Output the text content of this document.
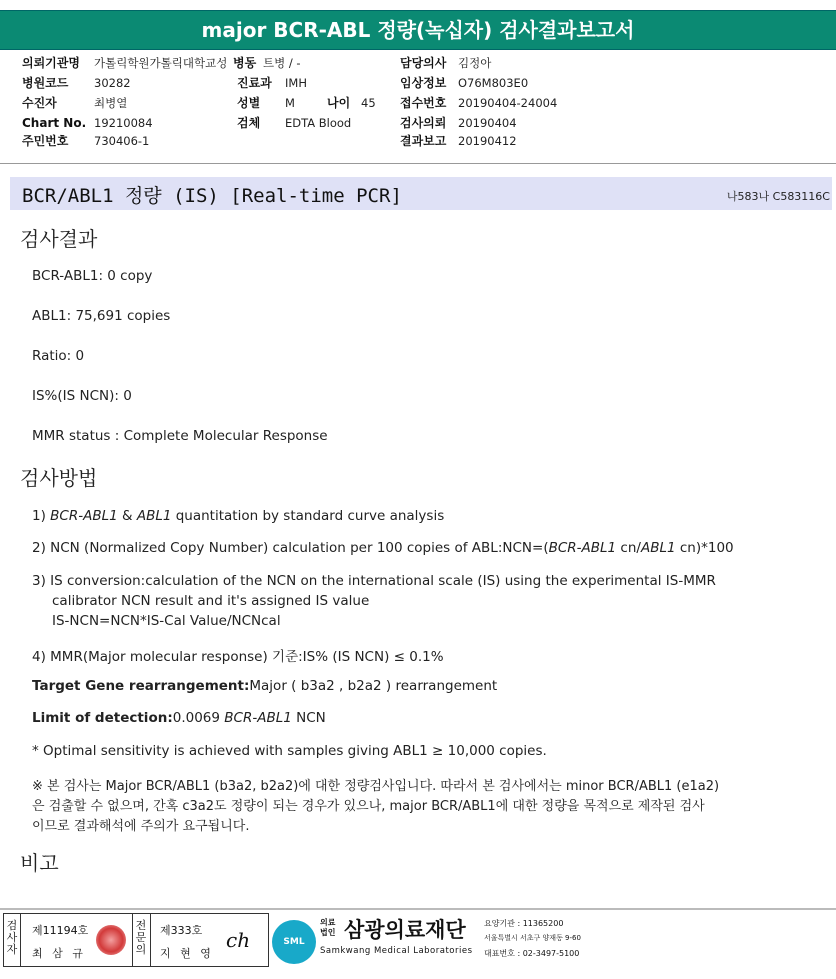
major BCR-ABL 정량(녹십자) 검사결과보고서
의뢰기관명 가톨릭학원가톨릭대학교성 병동 트병 / -	담당의사 김정아
병원코드 30282	진료과 IMH	임상정보 O76M803E0
수진자	최병열	성별 M	나이 45 접수번호 20190404-24004
Chart No. 19210084	검체 EDTA Blood	검사의뢰 20190404
주민번호 730406-1	결과보고 20190412
BCR/ABL1 정량 (IS) [Real-time PCR]	나583나 C583116C
검사결과
BCR-ABL1: 0 copy
ABL1: 75,691 copies
Ratio: 0
IS%(IS NCN): 0
MMR status : Complete Molecular Response
검사방법
1) BCR-ABL1 & ABL1 quantitation by standard curve analysis
2) NCN (Normalized Copy Number) calculation per 100 copies of ABL:NCN=(BCR-ABL1 cn/ABL1 cn)*100
3) IS conversion:calculation of the NCN on the international scale (IS) using the experimental IS-MMR
calibrator NCN result and it's assigned IS value
IS-NCN=NCN*IS-Cal Value/NCNcal
4) MMR(Major molecular response) 기준:IS% (IS NCN) ≤ 0.1%
Target Gene rearrangement:Major ( b3a2 , b2a2 ) rearrangement
Limit of detection:0.0069 BCR-ABL1 NCN
* Optimal sensitivity is achieved with samples giving ABL1 ≥ 10,000 copies.
※ 본 검사는 Major BCR/ABL1 (b3a2, b2a2)에 대한 정량검사입니다. 따라서 본 검사에서는 minor BCR/ABL1 (e1a2)
은 검출할 수 없으며, 간혹 c3a2도 정량이 되는 경우가 있으나, major BCR/ABL1에 대한 정량을 목적으로 제작된 검사
이므로 결과해석에 주의가 요구됩니다.
비고
검사자
제11194호
최 삼 규
전문의
제333호
지 현 영
ch	SML
의료법인 삼광의료재단
Samkwang Medical Laboratories
요양기관 : 11365200
서울특별시 서초구 양재동 9-60
대표번호 : 02-3497-5100
